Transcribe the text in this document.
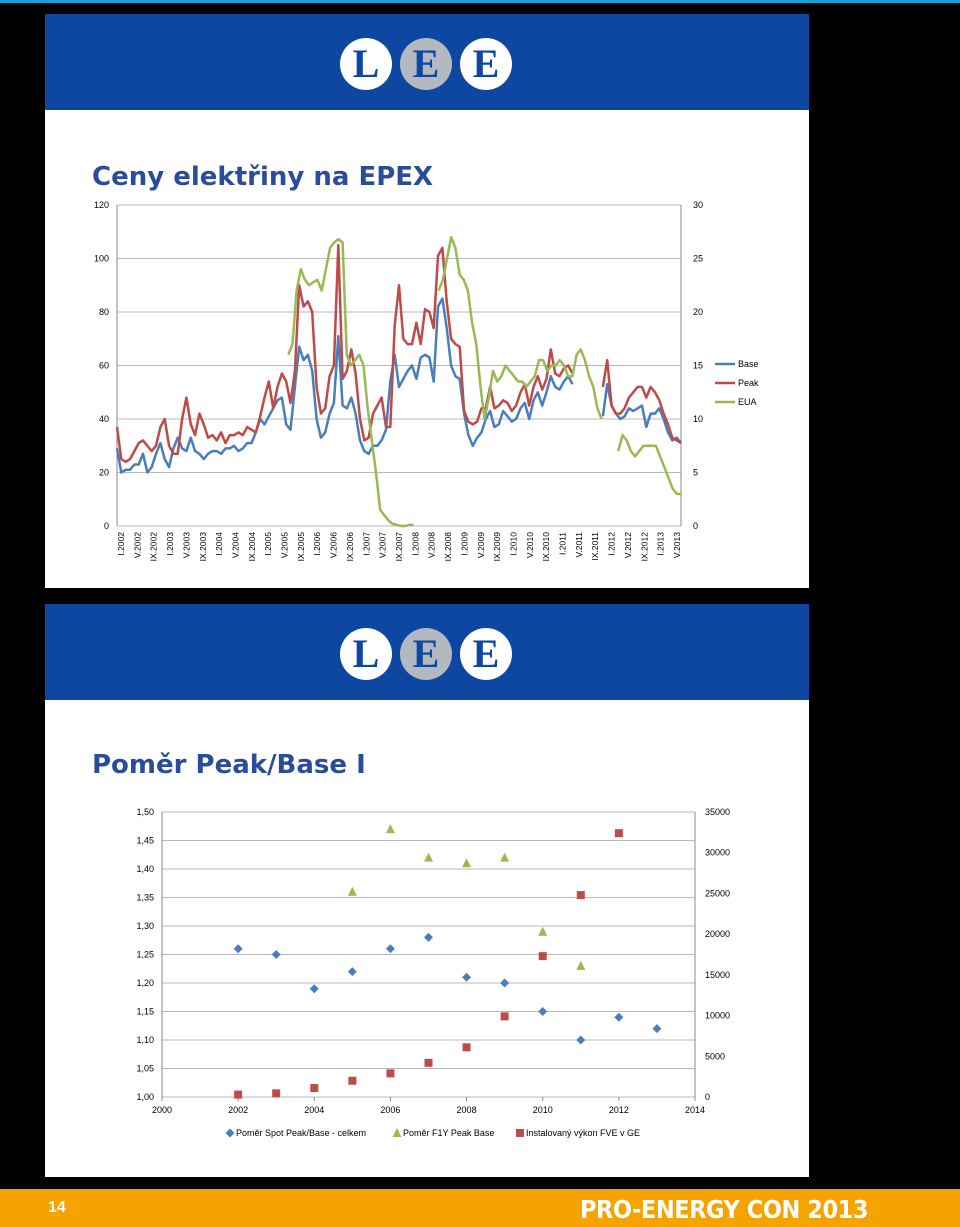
L E E
Ceny elektřiny na EPEX
0
20
40
60
80
100
120
0
5
10
15
20
25
30
I.2002 V.2002 IX.2002 I.2003 V.2003 IX.2003 I.2004 V.2004 IX.2004 I.2005 V.2005 IX.2005 I.2006 V.2006 IX.2006 I.2007 V.2007 IX.2007 I.2008 V.2008 IX.2008 I.2009 V.2009 IX.2009 I.2010 V.2010 IX.2010 I.2011 V.2011 IX.2011 I.2012 V.2012 IX.2012 I.2013 V.2013
Base
Peak
EUA
L E E
Poměr Peak/Base I
1,00
1,05
1,10
1,15
1,20
1,25
1,30
1,35
1,40
1,45
1,50
0
5000
10000
15000
20000
25000
30000
35000
2000	2002	2004	2006	2008	2010	2012	2014
Poměr Spot Peak/Base - celkem	Poměr F1Y Peak Base	Instalovaný výkon FVE v GE
14	PRO-ENERGY CON 2013
